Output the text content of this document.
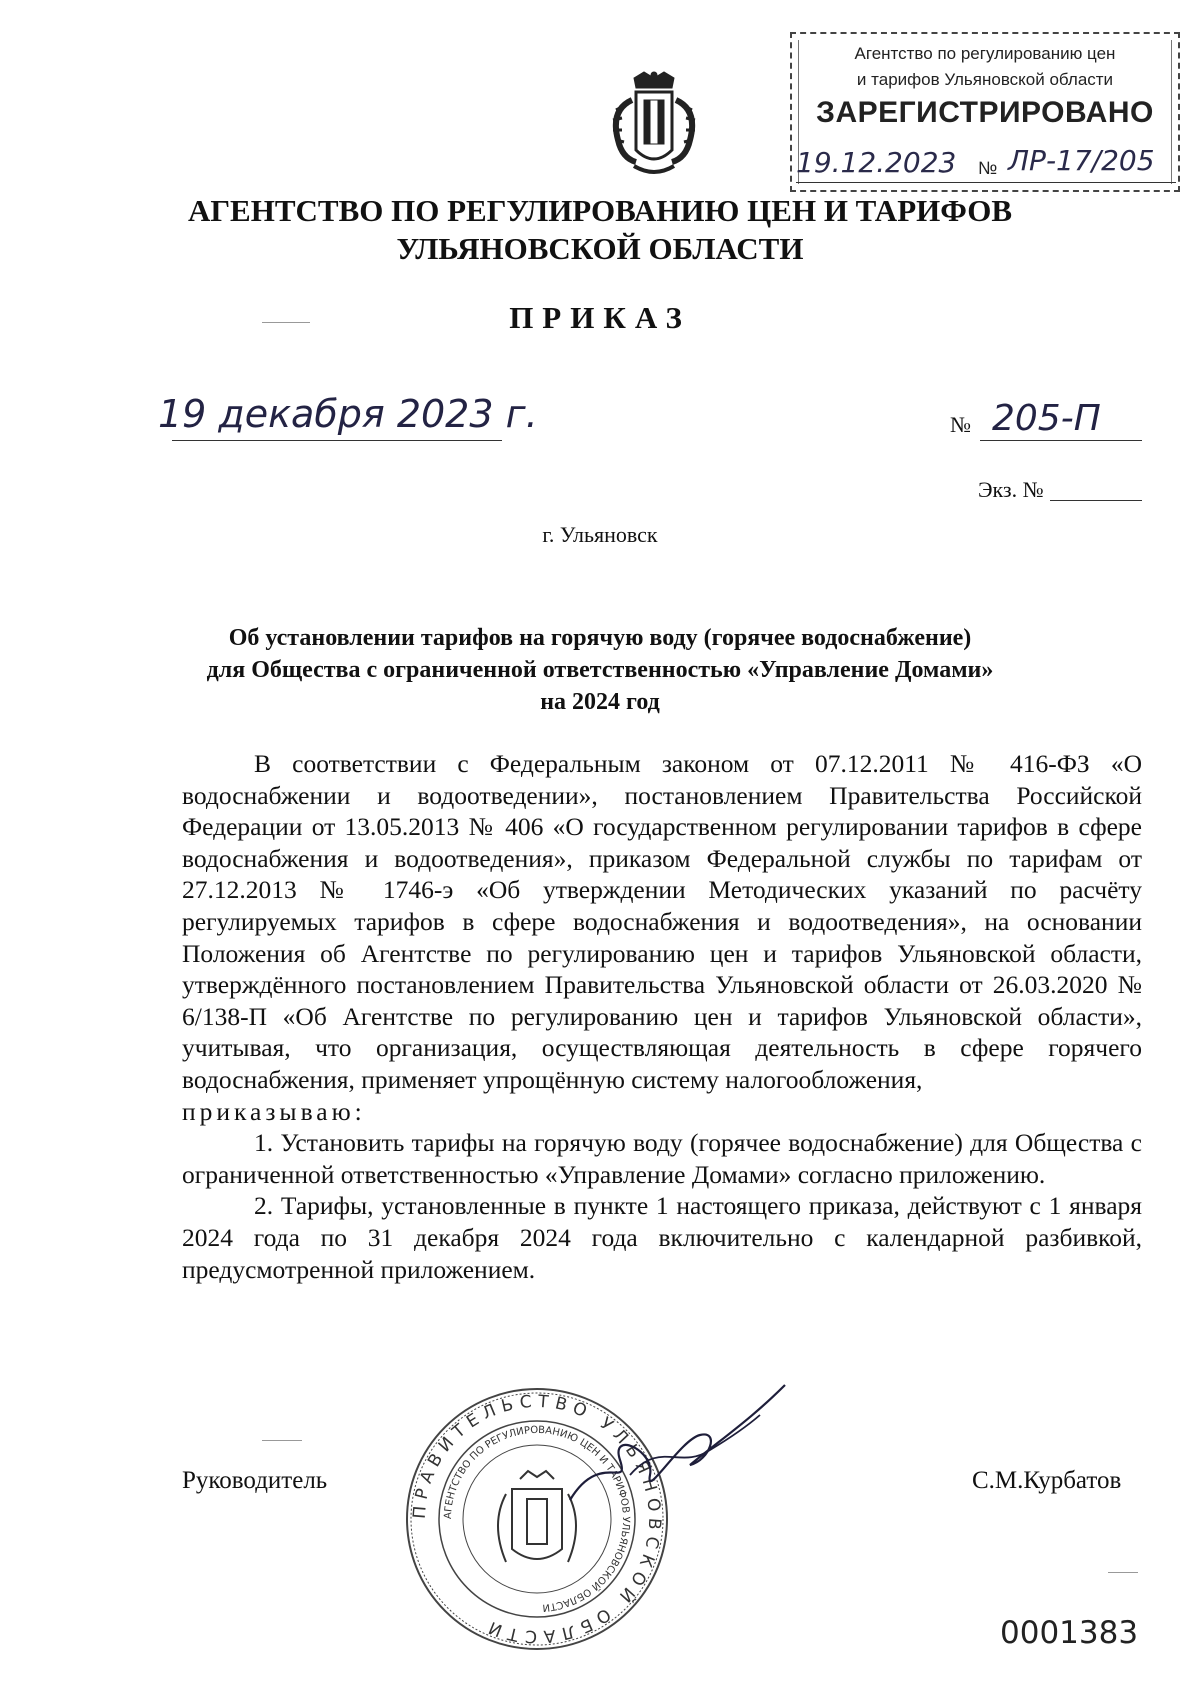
Агентство по регулированию цен
и тарифов Ульяновской области
ЗАРЕГИСТРИРОВАНО
19.12.2023	№ ЛР-17/205
АГЕНТСТВО ПО РЕГУЛИРОВАНИЮ ЦЕН И ТАРИФОВ
УЛЬЯНОВСКОЙ ОБЛАСТИ
ПРИКАЗ
19 декабря 2023 г.	№ 205-П
Экз. №
г. Ульяновск
Об установлении тарифов на горячую воду (горячее водоснабжение)
для Общества с ограниченной ответственностью «Управление Домами»
на 2024 год

В соответствии с Федеральным законом от 07.12.2011 № 416-ФЗ «О водоснабжении и водоотведении», постановлением Правительства Российской Федерации от 13.05.2013 № 406 «О государственном регулировании тарифов в сфере водоснабжения и водоотведения», приказом Федеральной службы по тарифам от 27.12.2013 № 1746-э «Об утверждении Методических указаний по расчёту регулируемых тарифов в сфере водоснабжения и водоотведения», на основании Положения об Агентстве по регулированию цен и тарифов Ульяновской области, утверждённого постановлением Правительства Ульяновской области от 26.03.2020 № 6/138-П «Об Агентстве по регулированию цен и тарифов Ульяновской области», учитывая, что организация, осуществляющая деятельность в сфере горячего водоснабжения, применяет упрощённую систему налогообложения,

приказываю:

1. Установить тарифы на горячую воду (горячее водоснабжение) для Общества с ограниченной ответственностью «Управление Домами» согласно приложению.

2. Тарифы, установленные в пункте 1 настоящего приказа, действуют с 1 января 2024 года по 31 декабря 2024 года включительно с календарной разбивкой, предусмотренной приложением.

Руководитель	С.М.Курбатов
ПРАВИТЕЛЬСТВО УЛЬЯНОВСКОЙ ОБЛАСТИ
АГЕНТСТВО ПО РЕГУЛИРОВАНИЮ ЦЕН И ТАРИФОВ УЛЬЯНОВСКОЙ ОБЛАСТИ
0001383
